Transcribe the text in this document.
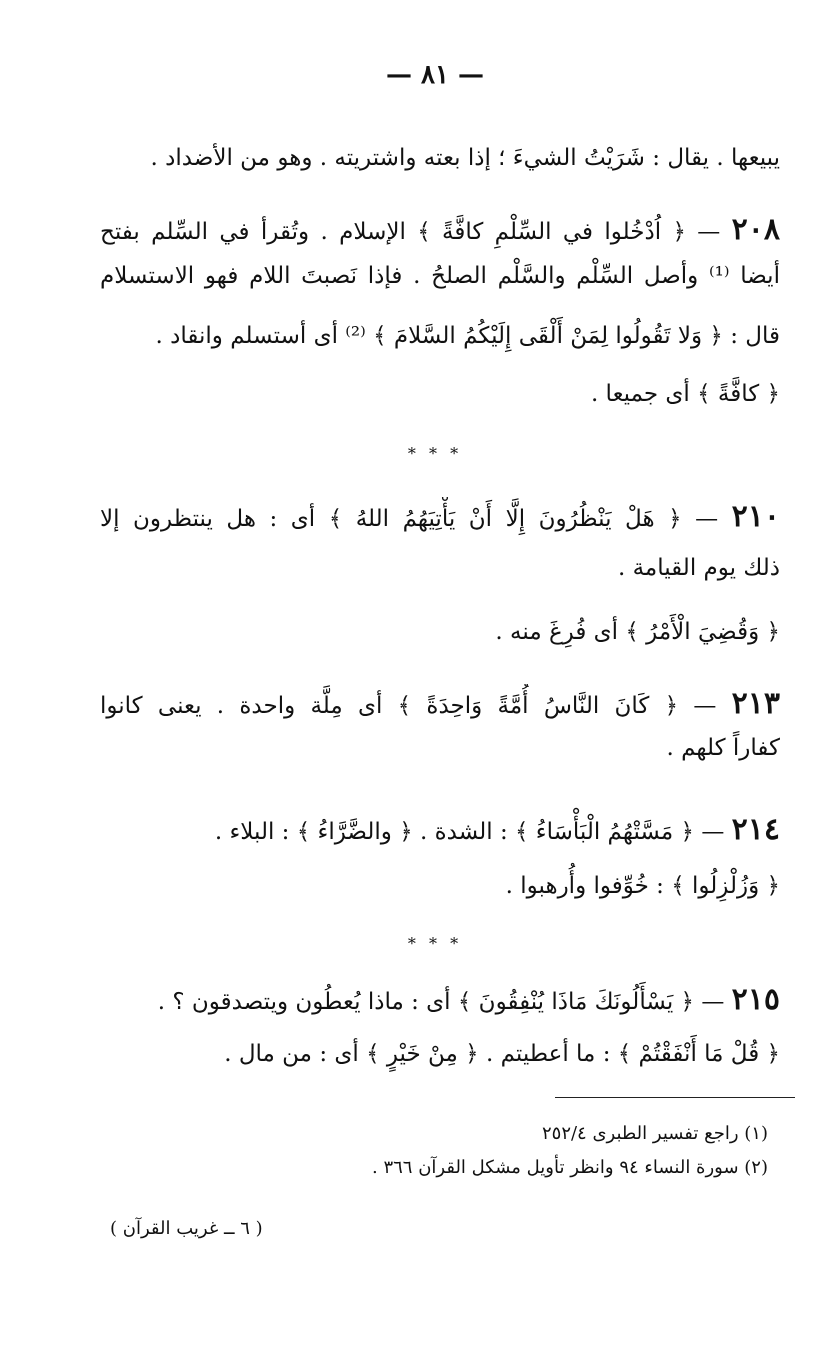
— ٨١ —
يبيعها . يقال : شَرَيْتُ الشيءَ ؛ إذا بعته واشتريته . وهو من الأضداد .
٢٠٨ — ﴿ اُدْخُلوا في السِّلْمِ كافَّةً ﴾ الإسلام . وتُقرأ في السِّلم بفتح
أيضا ⁽¹⁾ وأصل السِّلْم والسَّلْم الصلحُ . فإذا نَصبتَ اللام فهو الاستسلام
قال : ﴿ وَلا تَقُولُوا لِمَنْ أَلْقَى إِلَيْكُمُ السَّلامَ ﴾ ⁽²⁾ أى أستسلم وانقاد .
﴿ كافَّةً ﴾ أى جميعا .
* * *
٢١٠ — ﴿ هَلْ يَنْظُرُونَ إِلَّا أَنْ يَأْتِيَهُمُ اللهُ ﴾ أى : هل ينتظرون إلا
ذلك يوم القيامة .
﴿ وَقُضِيَ الْأَمْرُ ﴾ أى فُرِغَ منه .
٢١٣ — ﴿ كَانَ النَّاسُ أُمَّةً وَاحِدَةً ﴾ أى مِلَّة واحدة . يعنى كانوا
كفاراً كلهم .
٢١٤ — ﴿ مَسَّتْهُمُ الْبَأْسَاءُ ﴾ : الشدة . ﴿ والضَّرَّاءُ ﴾ : البلاء .
﴿ وَزُلْزِلُوا ﴾ : خُوِّفوا وأُرهبوا .
* * *
٢١٥ — ﴿ يَسْأَلُونَكَ مَاذَا يُنْفِقُونَ ﴾ أى : ماذا يُعطُون ويتصدقون ؟ .
﴿ قُلْ مَا أَنْفَقْتُمْ ﴾ : ما أعطيتم . ﴿ مِنْ خَيْرٍ ﴾ أى : من مال .
(١) راجع تفسير الطبرى ٢٥٢/٤
(٢) سورة النساء ٩٤ وانظر تأويل مشكل القرآن ٣٦٦ .
( ٦ ــ غريب القرآن )
